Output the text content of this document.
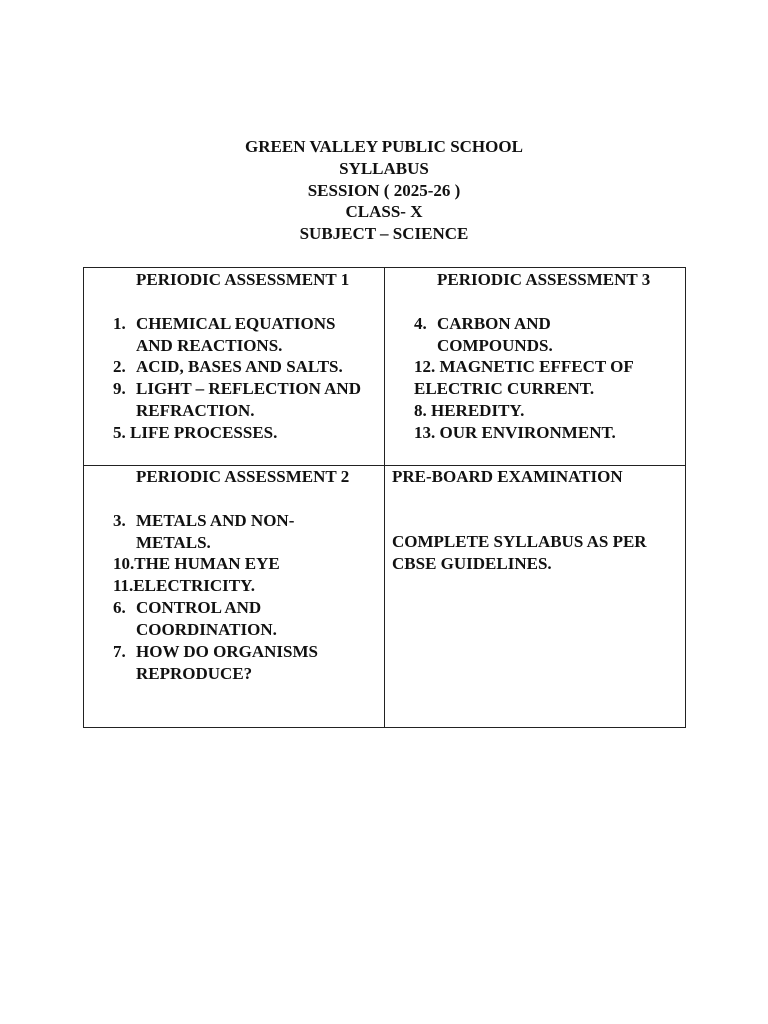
GREEN VALLEY PUBLIC SCHOOL
SYLLABUS
SESSION ( 2025-26 )
CLASS- X
SUBJECT – SCIENCE
PERIODIC ASSESSMENT 1
1. CHEMICAL EQUATIONS
AND REACTIONS.
2. ACID, BASES AND SALTS.
9. LIGHT – REFLECTION AND
REFRACTION.
5. LIFE PROCESSES.
PERIODIC ASSESSMENT 3
4. CARBON AND
COMPOUNDS.
12. MAGNETIC EFFECT OF
ELECTRIC CURRENT.
8. HEREDITY.
13. OUR ENVIRONMENT.
PERIODIC ASSESSMENT 2
3. METALS AND NON-
METALS.
10.THE HUMAN EYE
11.ELECTRICITY.
6. CONTROL AND
COORDINATION.
7. HOW DO ORGANISMS
REPRODUCE?
PRE-BOARD EXAMINATION
COMPLETE SYLLABUS AS PER
CBSE GUIDELINES.
